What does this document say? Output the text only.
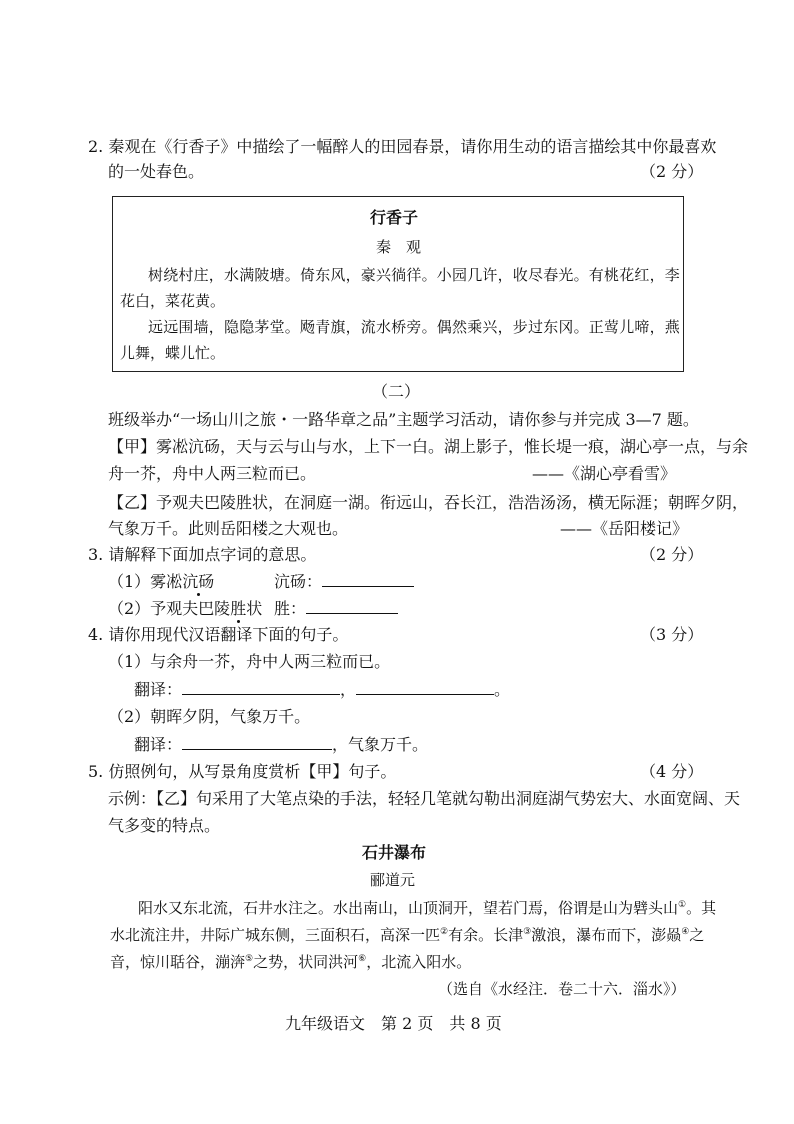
2. 秦观在《行香子》中描绘了一幅醉人的田园春景，请你用生动的语言描绘其中你最喜欢
的一处春色。	（2 分）
行香子
秦　观
树绕村庄，水满陂塘。倚东风，豪兴徜徉。小园几许，收尽春光。有桃花红，李
花白，菜花黄。
远远围墙，隐隐茅堂。飏青旗，流水桥旁。偶然乘兴，步过东冈。正莺儿啼，燕
儿舞，蝶儿忙。
（二）
班级举办“一场山川之旅・一路华章之品”主题学习活动，请你参与并完成 3—7 题。
【甲】雾凇沆砀，天与云与山与水，上下一白。湖上影子，惟长堤一痕，湖心亭一点，与余
舟一芥，舟中人两三粒而已。	——《湖心亭看雪》
【乙】予观夫巴陵胜状，在洞庭一湖。衔远山，吞长江，浩浩汤汤，横无际涯；朝晖夕阴，
气象万千。此则岳阳楼之大观也。	——《岳阳楼记》
3. 请解释下面加点字词的意思。	（2 分）
（1）雾凇沆砀	沆砀：
（2）予观夫巴陵胜状 胜：
4. 请你用现代汉语翻译下面的句子。	（3 分）
（1）与余舟一芥，舟中人两三粒而已。
翻译：	，	。
（2）朝晖夕阴，气象万千。
翻译：	，气象万千。
5. 仿照例句，从写景角度赏析【甲】句子。	（4 分）
示例：【乙】句采用了大笔点染的手法，轻轻几笔就勾勒出洞庭湖气势宏大、水面宽阔、天
气多变的特点。
石井瀑布
郦道元
阳水又东北流，石井水注之。水出南山，山顶洞开，望若门焉，俗谓是山为礕头山①。其
水北流注井，井际广城东侧，三面积石，高深一匹②有余。长津③激浪，瀑布而下，澎赑④之
音，惊川聒谷，漰渀⑤之势，状同洪河⑥，北流入阳水。
（选自《水经注．卷二十六．淄水》）
九年级语文　第 2 页　共 8 页
